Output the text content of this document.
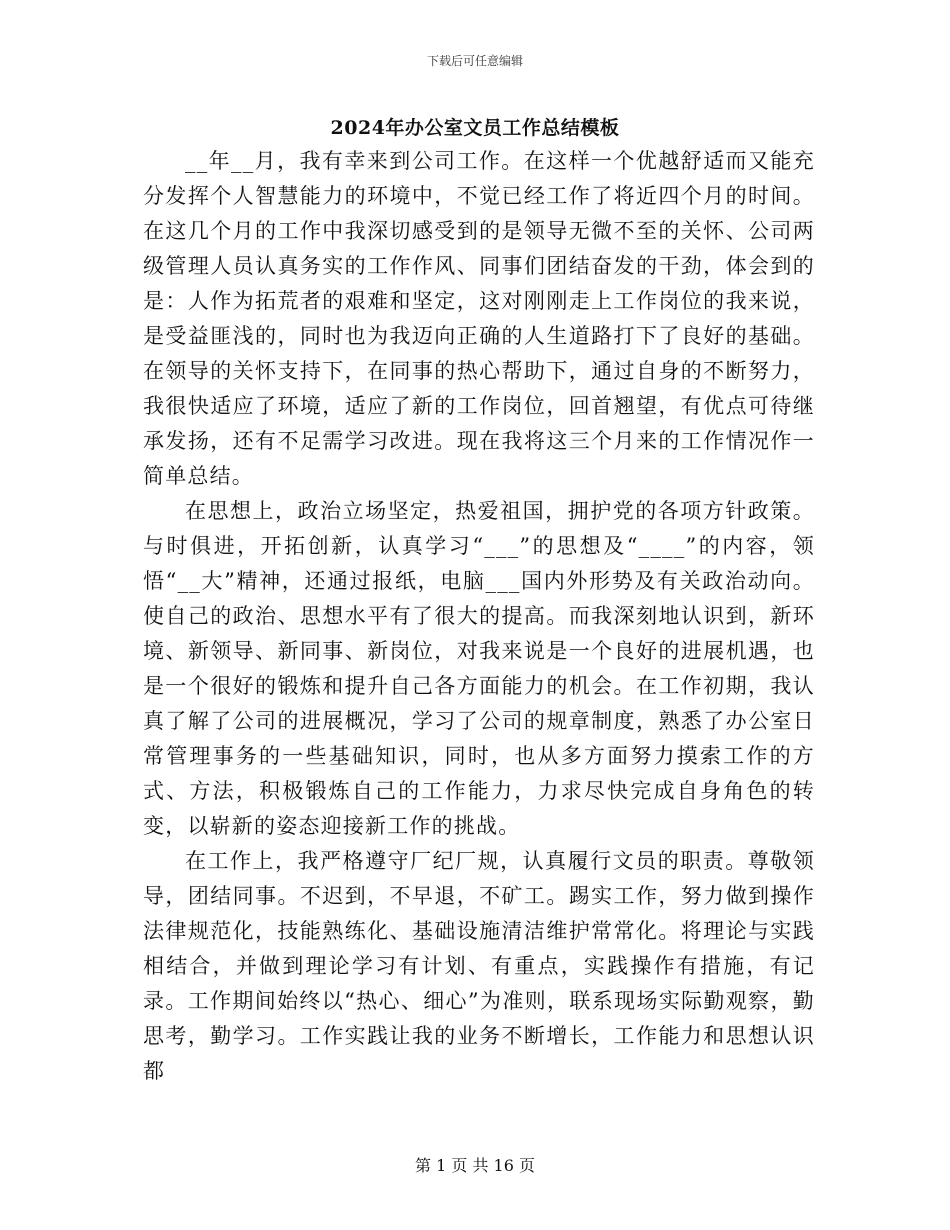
下载后可任意编辑
2024年办公室文员工作总结模板

__年__月，我有幸来到公司工作。在这样一个优越舒适而又能充分发挥个人智慧能力的环境中，不觉已经工作了将近四个月的时间。在这几个月的工作中我深切感受到的是领导无微不至的关怀、公司两级管理人员认真务实的工作作风、同事们团结奋发的干劲，体会到的是：人作为拓荒者的艰难和坚定，这对刚刚走上工作岗位的我来说，是受益匪浅的，同时也为我迈向正确的人生道路打下了良好的基础。在领导的关怀支持下，在同事的热心帮助下，通过自身的不断努力，我很快适应了环境，适应了新的工作岗位，回首翘望，有优点可待继承发扬，还有不足需学习改进。现在我将这三个月来的工作情况作一简单总结。

在思想上，政治立场坚定，热爱祖国，拥护党的各项方针政策。与时俱进，开拓创新，认真学习“___”的思想及“____”的内容，领悟“__大”精神，还通过报纸，电脑___国内外形势及有关政治动向。使自己的政治、思想水平有了很大的提高。而我深刻地认识到，新环境、新领导、新同事、新岗位，对我来说是一个良好的进展机遇，也是一个很好的锻炼和提升自己各方面能力的机会。在工作初期，我认真了解了公司的进展概况，学习了公司的规章制度，熟悉了办公室日常管理事务的一些基础知识，同时，也从多方面努力摸索工作的方式、方法，积极锻炼自己的工作能力，力求尽快完成自身角色的转变，以崭新的姿态迎接新工作的挑战。

在工作上，我严格遵守厂纪厂规，认真履行文员的职责。尊敬领导，团结同事。不迟到，不早退，不矿工。踢实工作，努力做到操作法律规范化，技能熟练化、基础设施清洁维护常常化。将理论与实践相结合，并做到理论学习有计划、有重点，实践操作有措施，有记录。工作期间始终以“热心、细心”为准则，联系现场实际勤观察，勤思考，勤学习。工作实践让我的业务不断增长，工作能力和思想认识都

第 1 页 共 16 页
